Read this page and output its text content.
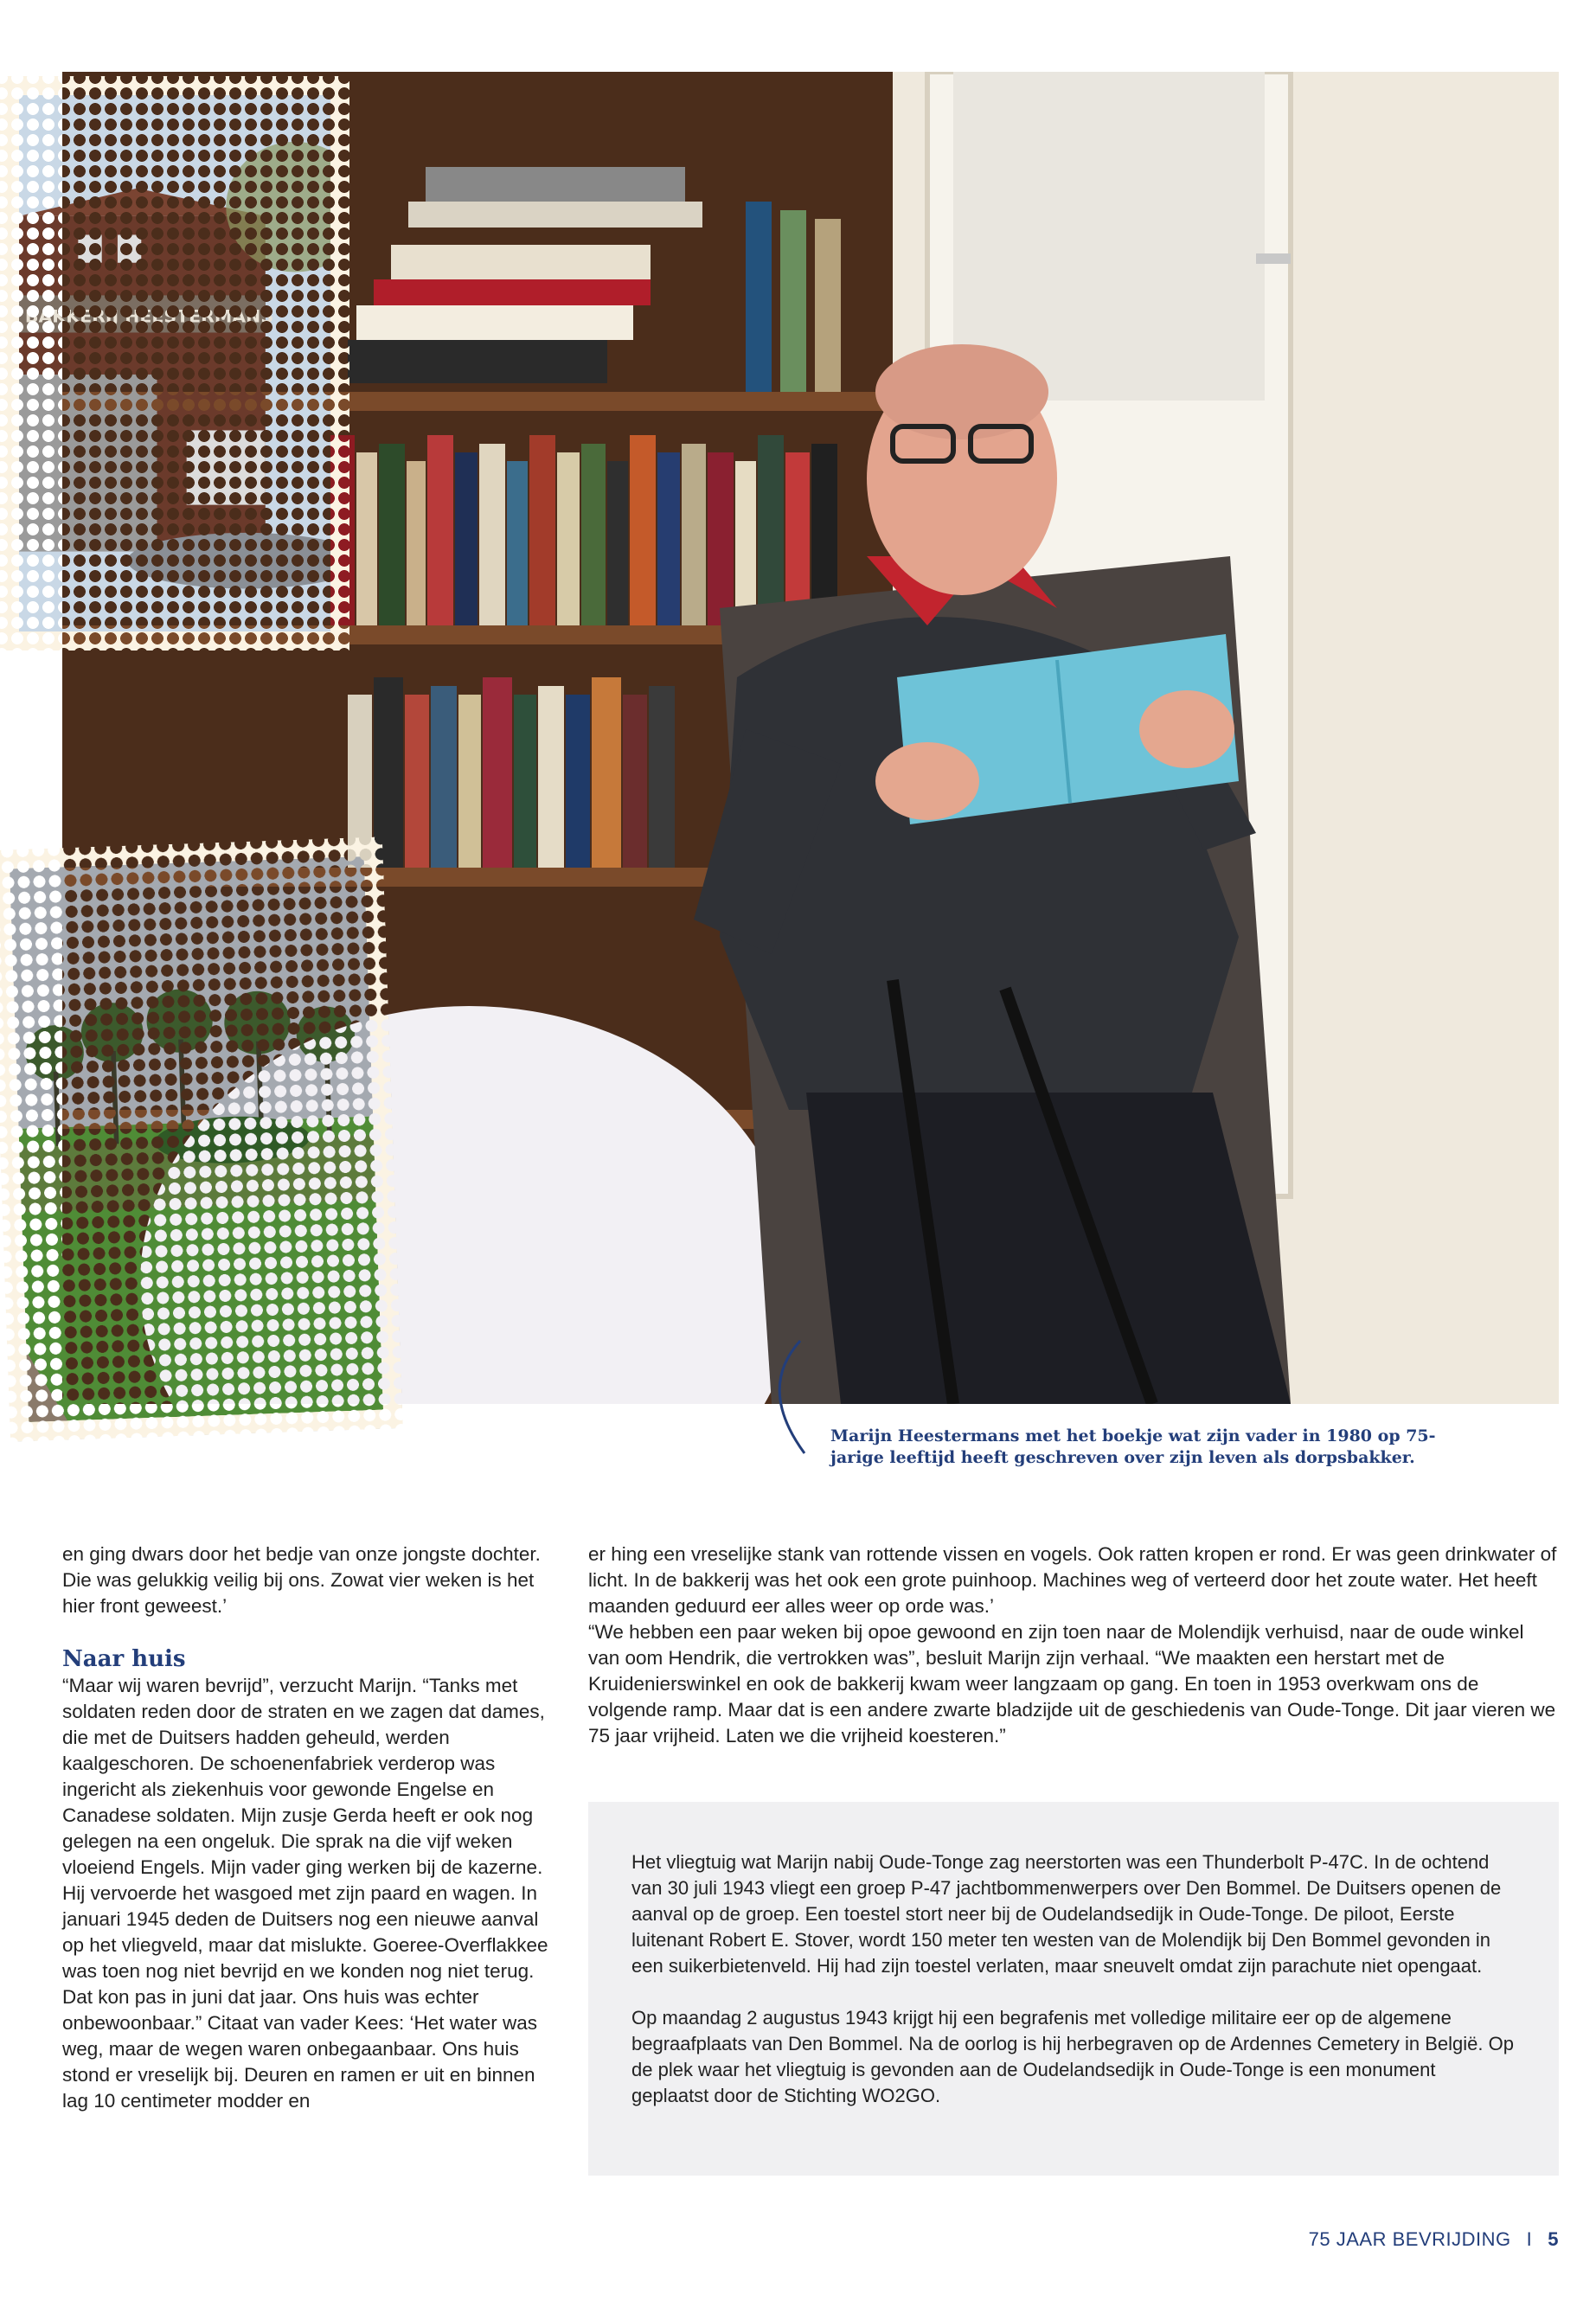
BAKKERIJ HEESTERMANS
Marijn Heestermans met het boekje wat zijn vader in 1980 op 75-jarige leeftijd heeft geschreven over zijn leven als dorpsbakker.

en ging dwars door het bedje van onze jongste dochter. Die was gelukkig veilig bij ons. Zowat vier weken is het hier front geweest.’

Naar huis

“Maar wij waren bevrijd”, verzucht Marijn. “Tanks met soldaten reden door de straten en we zagen dat dames, die met de Duitsers hadden geheuld, werden kaalgeschoren. De schoenenfabriek verderop was ingericht als ziekenhuis voor gewonde Engelse en Canadese soldaten. Mijn zusje Gerda heeft er ook nog gelegen na een ongeluk. Die sprak na die vijf weken vloeiend Engels. Mijn vader ging werken bij de kazerne. Hij vervoerde het wasgoed met zijn paard en wagen. In januari 1945 deden de Duitsers nog een nieuwe aanval op het vliegveld, maar dat mislukte. Goeree-Overflakkee was toen nog niet bevrijd en we konden nog niet terug. Dat kon pas in juni dat jaar. Ons huis was echter onbewoonbaar.” Citaat van vader Kees: ‘Het water was weg, maar de wegen waren onbegaanbaar. Ons huis stond er vreselijk bij. Deuren en ramen er uit en binnen lag 10 centimeter modder en

er hing een vreselijke stank van rottende vissen en vogels. Ook ratten kropen er rond. Er was geen drinkwater of licht. In de bakkerij was het ook een grote puinhoop. Machines weg of verteerd door het zoute water. Het heeft maanden geduurd eer alles weer op orde was.’

“We hebben een paar weken bij opoe gewoond en zijn toen naar de Molendijk verhuisd, naar de oude winkel van oom Hendrik, die vertrokken was”, besluit Marijn zijn verhaal. “We maakten een herstart met de Kruidenierswinkel en ook de bakkerij kwam weer langzaam op gang. En toen in 1953 overkwam ons de volgende ramp. Maar dat is een andere zwarte bladzijde uit de geschiedenis van Oude-Tonge. Dit jaar vieren we 75 jaar vrijheid. Laten we die vrijheid koesteren.”

Het vliegtuig wat Marijn nabij Oude-Tonge zag neerstorten was een Thunderbolt P-47C. In de ochtend van 30 juli 1943 vliegt een groep P-47 jachtbommenwerpers over Den Bommel. De Duitsers openen de aanval op de groep. Een toestel stort neer bij de Oudelandsedijk in Oude-Tonge. De piloot, Eerste luitenant Robert E. Stover, wordt 150 meter ten westen van de Molendijk bij Den Bommel gevonden in een suikerbietenveld. Hij had zijn toestel verlaten, maar sneuvelt omdat zijn parachute niet opengaat.

Op maandag 2 augustus 1943 krijgt hij een begrafenis met volledige militaire eer op de algemene begraafplaats van Den Bommel. Na de oorlog is hij herbegraven op de Ardennes Cemetery in België. Op de plek waar het vliegtuig is gevonden aan de Oudelandsedijk in Oude-Tonge is een monument geplaatst door de Stichting WO2GO.

75 JAAR BEVRIJDING I 5
